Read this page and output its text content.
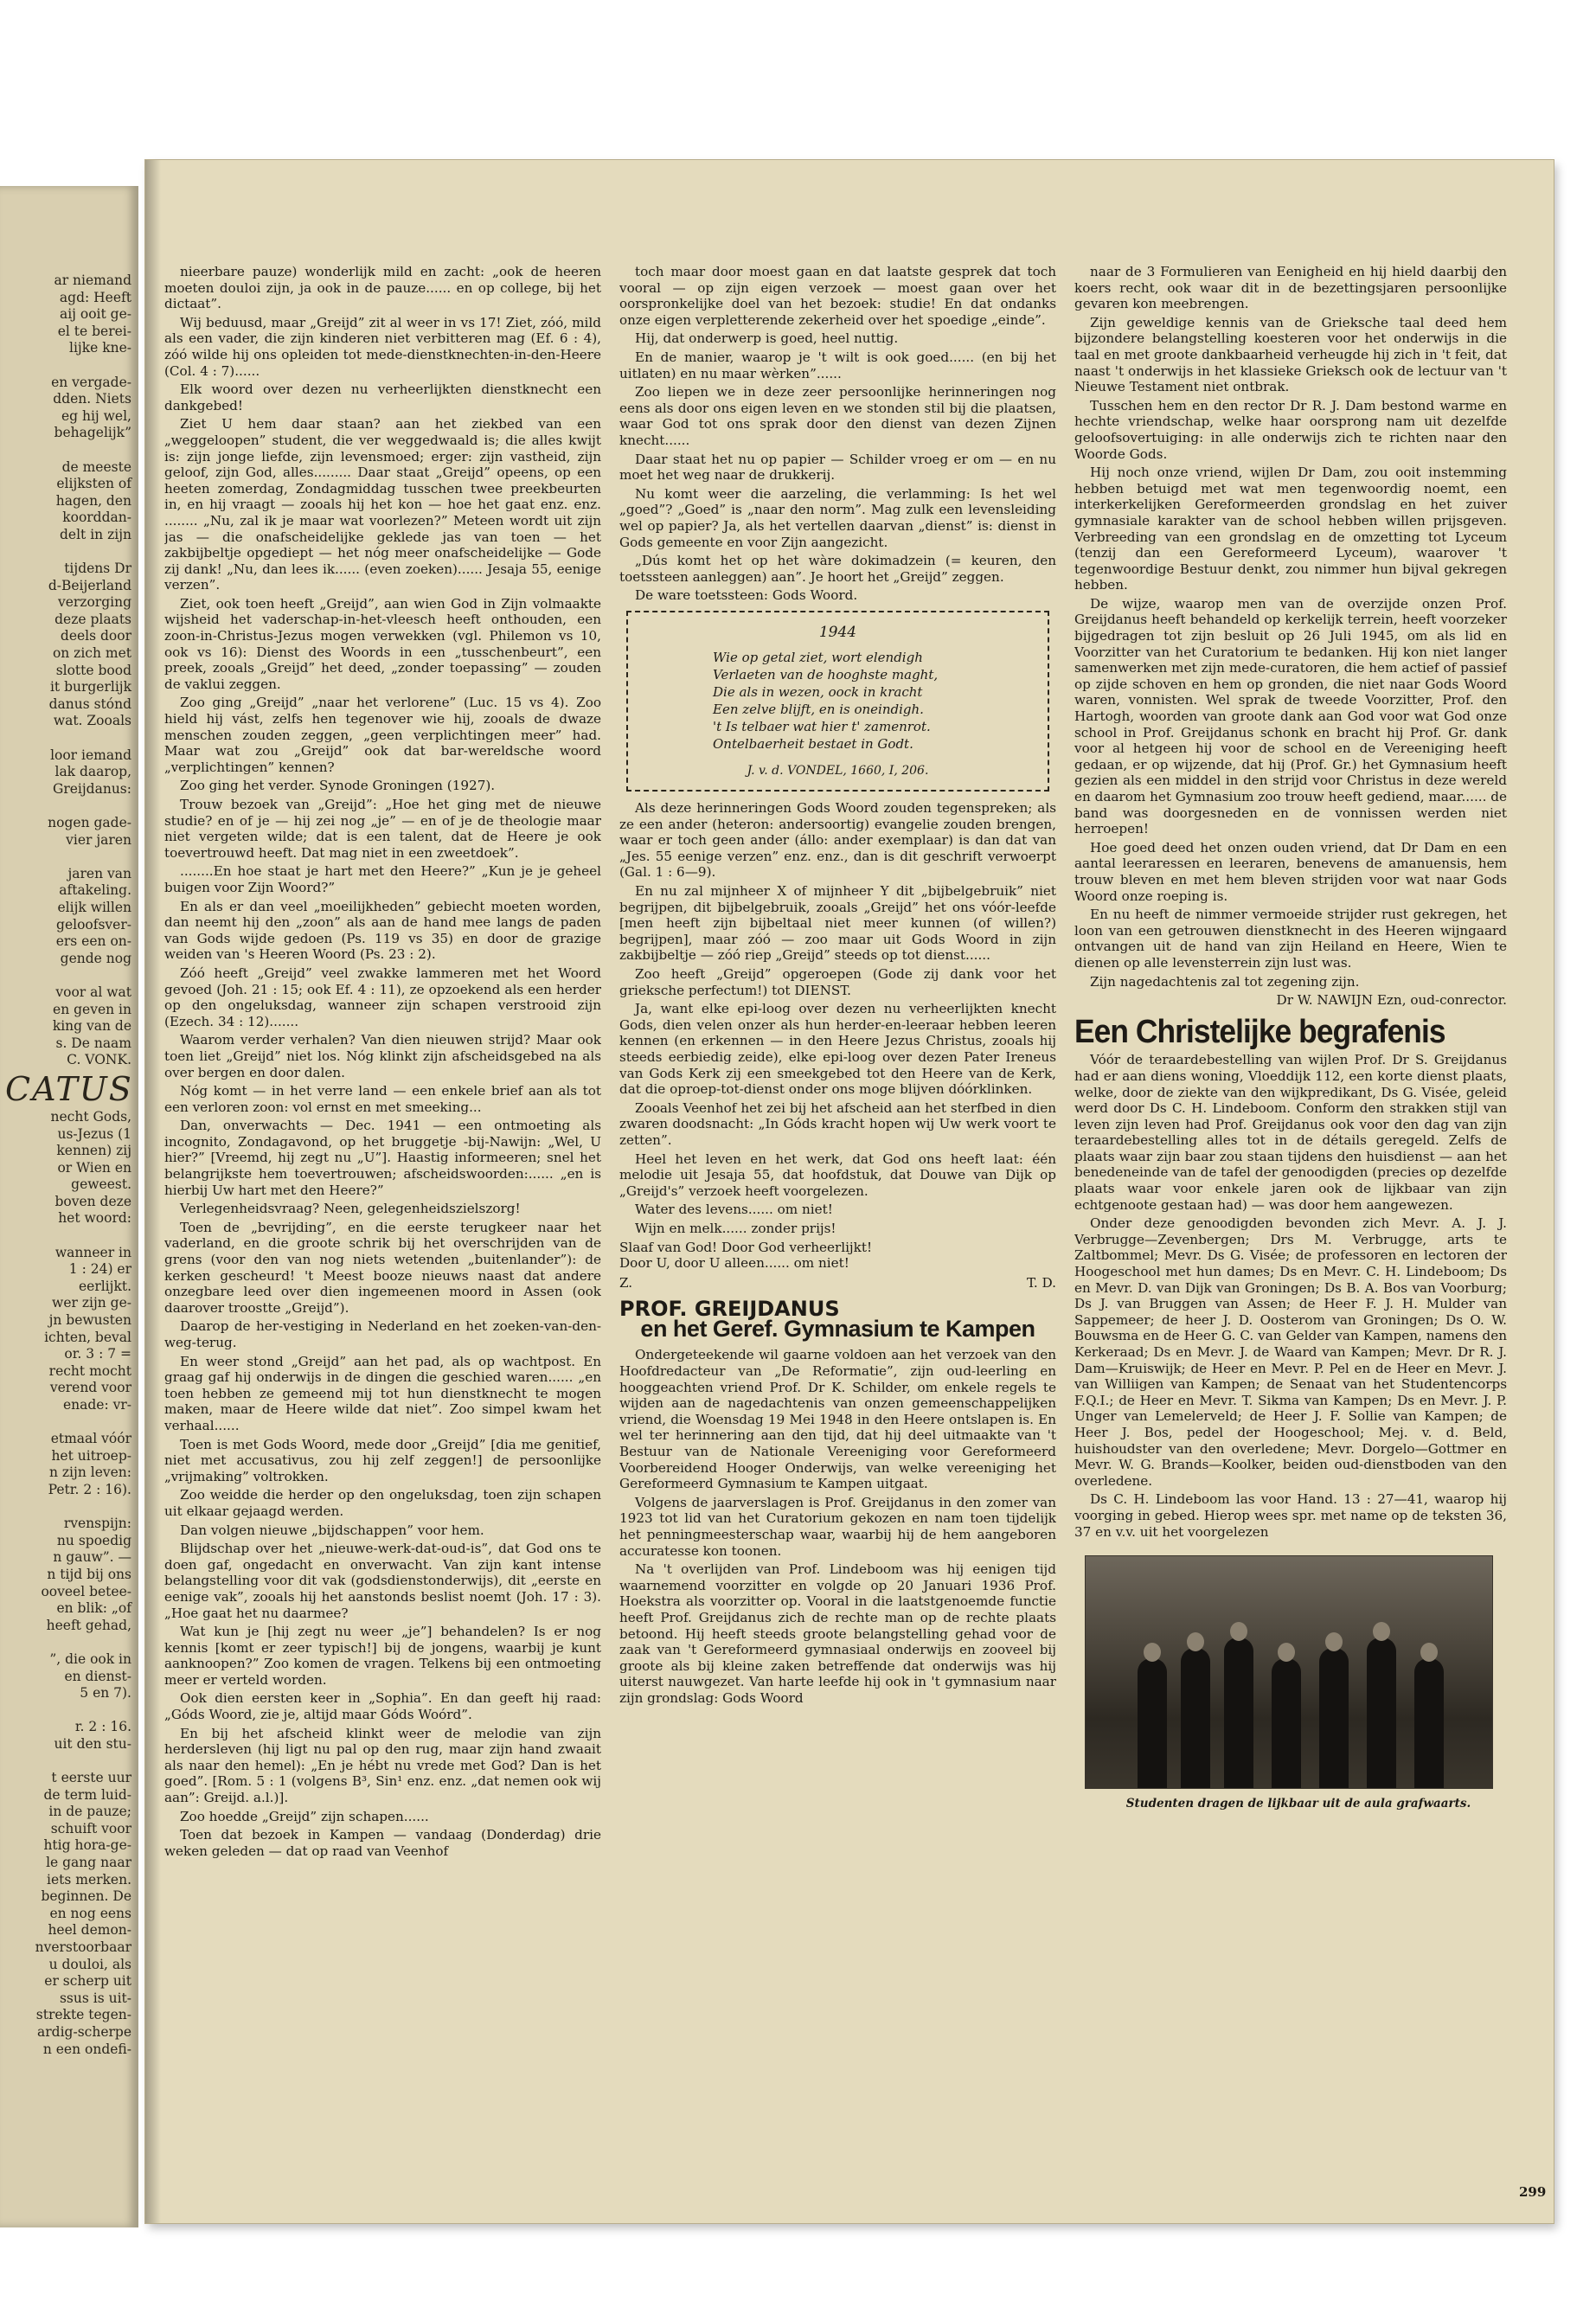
ar niemand
agd: Heeft
aij ooit ge-
el te berei-
lijke kne-

en vergade-
dden. Niets
eg hij wel,
behagelijk”

de meeste
elijksten of
hagen, den
koorddan-
delt in zijn

tijdens Dr
d-Beijerland
verzorging
deze plaats
deels door
on zich met
slotte bood
it burgerlijk
danus stónd
wat. Zooals

loor iemand
lak daarop,
Greijdanus:

nogen gade-
vier jaren

jaren van
aftakeling.
elijk willen
geloofsver-
ers een on-
gende nog

voor al wat
en geven in
king van de
s. De naam
C. VONK.
CATUS
necht Gods,
us-Jezus (1
kennen) zij
or Wien en
geweest.
boven deze
het woord:

wanneer in
1 : 24) er
eerlijkt.
wer zijn ge-
jn bewusten
ichten, beval
or. 3 : 7 =
recht mocht
verend voor
enade: vr-

etmaal vóór
het uitroep-
n zijn leven:
Petr. 2 : 16).

rvenspijn:
nu spoedig
n gauw”. —
n tijd bij ons
ooveel betee-
en blik: „of
heeft gehad,

”, die ook in
en dienst-
5 en 7).

r. 2 : 16.
uit den stu-

t eerste uur
de term luid-
in de pauze;
schuift voor
htig hora-ge-
le gang naar
iets merken.
beginnen. De
en nog eens
heel demon-
nverstoorbaar
u douloi, als
er scherp uit
ssus is uit-
strekte tegen-
ardig-scherpe
n een ondefi-

nieerbare pauze) wonderlijk mild en zacht: „ook de heeren moeten douloi zijn, ja ook in de pauze...... en op college, bij het dictaat”.

Wij beduusd, maar „Greijd” zit al weer in vs 17! Ziet, zóó, mild als een vader, die zijn kinderen niet verbitteren mag (Ef. 6 : 4), zóó wilde hij ons opleiden tot mede-dienstknechten-in-den-Heere (Col. 4 : 7)......

Elk woord over dezen nu verheerlijkten dienstknecht een dankgebed!

Ziet U hem daar staan? aan het ziekbed van een „weggeloopen” student, die ver weggedwaald is; die alles kwijt is: zijn jonge liefde, zijn levensmoed; erger: zijn vastheid, zijn geloof, zijn God, alles......... Daar staat „Greijd” opeens, op een heeten zomerdag, Zondagmiddag tusschen twee preekbeurten in, en hij vraagt — zooals hij het kon — hoe het gaat enz. enz. ........ „Nu, zal ik je maar wat voorlezen?” Meteen wordt uit zijn jas — die onafscheidelijke geklede jas van toen — het zakbijbeltje opgediept — het nóg meer onafscheidelijke — Gode zij dank! „Nu, dan lees ik...... (even zoeken)...... Jesaja 55, eenige verzen”.

Ziet, ook toen heeft „Greijd”, aan wien God in Zijn volmaakte wijsheid het vaderschap-in-het-vleesch heeft onthouden, een zoon-in-Christus-Jezus mogen verwekken (vgl. Philemon vs 10, ook vs 16): Dienst des Woords in een „tusschenbeurt”, een preek, zooals „Greijd” het deed, „zonder toepassing” — zouden de vaklui zeggen.

Zoo ging „Greijd” „naar het verlorene” (Luc. 15 vs 4). Zoo hield hij vást, zelfs hen tegenover wie hij, zooals de dwaze menschen zouden zeggen, „geen verplichtingen meer” had. Maar wat zou „Greijd” ook dat bar-wereldsche woord „verplichtingen” kennen?

Zoo ging het verder. Synode Groningen (1927).

Trouw bezoek van „Greijd”: „Hoe het ging met de nieuwe studie? en of je — hij zei nog „je” — en of je de theologie maar niet vergeten wilde; dat is een talent, dat de Heere je ook toevertrouwd heeft. Dat mag niet in een zweetdoek”.

........En hoe staat je hart met den Heere?” „Kun je je geheel buigen voor Zijn Woord?”

En als er dan veel „moeilijkheden” gebiecht moeten worden, dan neemt hij den „zoon” als aan de hand mee langs de paden van Gods wijde gedoen (Ps. 119 vs 35) en door de grazige weiden van 's Heeren Woord (Ps. 23 : 2).

Zóó heeft „Greijd” veel zwakke lammeren met het Woord gevoed (Joh. 21 : 15; ook Ef. 4 : 11), ze opzoekend als een herder op den ongeluksdag, wanneer zijn schapen verstrooid zijn (Ezech. 34 : 12).......

Waarom verder verhalen? Van dien nieuwen strijd? Maar ook toen liet „Greijd” niet los. Nóg klinkt zijn afscheidsgebed na als over bergen en door dalen.

Nóg komt — in het verre land — een enkele brief aan als tot een verloren zoon: vol ernst en met smeeking...

Dan, onverwachts — Dec. 1941 — een ontmoeting als incognito, Zondagavond, op het bruggetje -bij-Nawijn: „Wel, U hier?” [Vreemd, hij zegt nu „U”]. Haastig informeeren; snel het belangrijkste hem toevertrouwen; afscheidswoorden:...... „en is hierbij Uw hart met den Heere?”

Verlegenheidsvraag? Neen, gelegenheidszielszorg!

Toen de „bevrijding”, en die eerste terugkeer naar het vaderland, en die groote schrik bij het overschrijden van de grens (voor den van nog niets wetenden „buitenlander”): de kerken gescheurd! 't Meest booze nieuws naast dat andere onzegbare leed over dien ingemeenen moord in Assen (ook daarover troostte „Greijd”).

Daarop de her-vestiging in Nederland en het zoeken-van-den-weg-terug.

En weer stond „Greijd” aan het pad, als op wachtpost. En graag gaf hij onderwijs in de dingen die geschied waren...... „en toen hebben ze gemeend mij tot hun dienstknecht te mogen maken, maar de Heere wilde dat niet”. Zoo simpel kwam het verhaal......

Toen is met Gods Woord, mede door „Greijd” [dia me genitief, niet met accusativus, zou hij zelf zeggen!] de persoonlijke „vrijmaking” voltrokken.

Zoo weidde die herder op den ongeluksdag, toen zijn schapen uit elkaar gejaagd werden.

Dan volgen nieuwe „bijdschappen” voor hem.

Blijdschap over het „nieuwe-werk-dat-oud-is”, dat God ons te doen gaf, ongedacht en onverwacht. Van zijn kant intense belangstelling voor dit vak (godsdienstonderwijs), dit „eerste en eenige vak”, zooals hij het aanstonds beslist noemt (Joh. 17 : 3). „Hoe gaat het nu daarmee?

Wat kun je [hij zegt nu weer „je”] behandelen? Is er nog kennis [komt er zeer typisch!] bij de jongens, waarbij je kunt aanknoopen?” Zoo komen de vragen. Telkens bij een ontmoeting meer er verteld worden.

Ook dien eersten keer in „Sophia”. En dan geeft hij raad: „Góds Woord, zie je, altijd maar Góds Woórd”.

En bij het afscheid klinkt weer de melodie van zijn herdersleven (hij ligt nu pal op den rug, maar zijn hand zwaait als naar den hemel): „En je hébt nu vrede met God? Dan is het goed”. [Rom. 5 : 1 (volgens B³, Sin¹ enz. enz. „dat nemen ook wij aan”: Greijd. a.l.)].

Zoo hoedde „Greijd” zijn schapen......

Toen dat bezoek in Kampen — vandaag (Donderdag) drie weken geleden — dat op raad van Veenhof

toch maar door moest gaan en dat laatste gesprek dat toch vooral — op zijn eigen verzoek — moest gaan over het oorspronkelijke doel van het bezoek: studie! En dat ondanks onze eigen verpletterende zekerheid over het spoedige „einde”.

Hij, dat onderwerp is goed, heel nuttig.

En de manier, waarop je 't wilt is ook goed...... (en bij het uitlaten) en nu maar wèrken”......

Zoo liepen we in deze zeer persoonlijke herinneringen nog eens als door ons eigen leven en we stonden stil bij die plaatsen, waar God tot ons sprak door den dienst van dezen Zijnen knecht......

Daar staat het nu op papier — Schilder vroeg er om — en nu moet het weg naar de drukkerij.

Nu komt weer die aarzeling, die verlamming: Is het wel „goed”? „Goed” is „naar den norm”. Mag zulk een levensleiding wel op papier? Ja, als het vertellen daarvan „dienst” is: dienst in Gods gemeente en voor Zijn aangezicht.

„Dús komt het op het wàre dokimadzein (= keuren, den toetssteen aanleggen) aan”. Je hoort het „Greijd” zeggen.

De ware toetssteen: Gods Woord.

1944
Wie op getal ziet, wort elendigh
Verlaeten van de hooghste maght,
Die als in wezen, oock in kracht
Een zelve blijft, en is oneindigh.
't Is telbaer wat hier t' zamenrot.
Ontelbaerheit bestaet in Godt.
J. v. d. VONDEL, 1660, I, 206.

Als deze herinneringen Gods Woord zouden tegenspreken; als ze een ander (heteron: andersoortig) evangelie zouden brengen, waar er toch geen ander (állo: ander exemplaar) is dan dat van „Jes. 55 eenige verzen” enz. enz., dan is dit geschrift verwoerpt (Gal. 1 : 6—9).

En nu zal mijnheer X of mijnheer Y dit „bijbelgebruik” niet begrijpen, dit bijbelgebruik, zooals „Greijd” het ons vóór-leefde [men heeft zijn bijbeltaal niet meer kunnen (of willen?) begrijpen], maar zóó — zoo maar uit Gods Woord in zijn zakbijbeltje — zóó riep „Greijd” steeds op tot dienst......

Zoo heeft „Greijd” opgeroepen (Gode zij dank voor het grieksche perfectum!) tot DIENST.

Ja, want elke epi-loog over dezen nu verheerlijkten knecht Gods, dien velen onzer als hun herder-en-leeraar hebben leeren kennen (en erkennen — in den Heere Jezus Christus, zooals hij steeds eerbiedig zeide), elke epi-loog over dezen Pater Ireneus van Gods Kerk zij een smeekgebed tot den Heere van de Kerk, dat die oproep-tot-dienst onder ons moge blijven dóórklinken.

Zooals Veenhof het zei bij het afscheid aan het sterfbed in dien zwaren doodsnacht: „In Góds kracht hopen wij Uw werk voort te zetten”.

Heel het leven en het werk, dat God ons heeft laat: één melodie uit Jesaja 55, dat hoofdstuk, dat Douwe van Dijk op „Greijd's” verzoek heeft voorgelezen.

Water des levens...... om niet!

Wijn en melk...... zonder prijs!

Slaaf van God! Door God verheerlijkt!
Door U, door U alleen...... om niet!
Z.	T. D.
PROF. GREIJDANUS
en het Geref. Gymnasium te Kampen

Ondergeteekende wil gaarne voldoen aan het verzoek van den Hoofdredacteur van „De Reformatie”, zijn oud-leerling en hooggeachten vriend Prof. Dr K. Schilder, om enkele regels te wijden aan de nagedachtenis van onzen gemeenschappelijken vriend, die Woensdag 19 Mei 1948 in den Heere ontslapen is. En wel ter herinnering aan den tijd, dat hij deel uitmaakte van 't Bestuur van de Nationale Vereeniging voor Gereformeerd Voorbereidend Hooger Onderwijs, van welke vereeniging het Gereformeerd Gymnasium te Kampen uitgaat.

Volgens de jaarverslagen is Prof. Greijdanus in den zomer van 1923 tot lid van het Curatorium gekozen en nam toen tijdelijk het penningmeesterschap waar, waarbij hij de hem aangeboren accuratesse kon toonen.

Na 't overlijden van Prof. Lindeboom was hij eenigen tijd waarnemend voorzitter en volgde op 20 Januari 1936 Prof. Hoekstra als voorzitter op. Vooral in die laatstgenoemde functie heeft Prof. Greijdanus zich de rechte man op de rechte plaats betoond. Hij heeft steeds groote belangstelling gehad voor de zaak van 't Gereformeerd gymnasiaal onderwijs en zooveel bij groote als bij kleine zaken betreffende dat onderwijs was hij uiterst nauwgezet. Van harte leefde hij ook in 't gymnasium naar zijn grondslag: Gods Woord

naar de 3 Formulieren van Eenigheid en hij hield daarbij den koers recht, ook waar dit in de bezettingsjaren persoonlijke gevaren kon meebrengen.

Zijn geweldige kennis van de Grieksche taal deed hem bijzondere belangstelling koesteren voor het onderwijs in die taal en met groote dankbaarheid verheugde hij zich in 't feit, dat naast 't onderwijs in het klassieke Grieksch ook de lectuur van 't Nieuwe Testament niet ontbrak.

Tusschen hem en den rector Dr R. J. Dam bestond warme en hechte vriendschap, welke haar oorsprong nam uit dezelfde geloofsovertuiging: in alle onderwijs zich te richten naar den Woorde Gods.

Hij noch onze vriend, wijlen Dr Dam, zou ooit instemming hebben betuigd met wat men tegenwoordig noemt, een interkerkelijken Gereformeerden grondslag en het zuiver gymnasiale karakter van de school hebben willen prijsgeven. Verbreeding van een grondslag en de omzetting tot Lyceum (tenzij dan een Gereformeerd Lyceum), waarover 't tegenwoordige Bestuur denkt, zou nimmer hun bijval gekregen hebben.

De wijze, waarop men van de overzijde onzen Prof. Greijdanus heeft behandeld op kerkelijk terrein, heeft voorzeker bijgedragen tot zijn besluit op 26 Juli 1945, om als lid en Voorzitter van het Curatorium te bedanken. Hij kon niet langer samenwerken met zijn mede-curatoren, die hem actief of passief op zijde schoven en hem op gronden, die niet naar Gods Woord waren, vonnisten. Wel sprak de tweede Voorzitter, Prof. den Hartogh, woorden van groote dank aan God voor wat God onze school in Prof. Greijdanus schonk en bracht hij Prof. Gr. dank voor al hetgeen hij voor de school en de Vereeniging heeft gedaan, er op wijzende, dat hij (Prof. Gr.) het Gymnasium heeft gezien als een middel in den strijd voor Christus in deze wereld en daarom het Gymnasium zoo trouw heeft gediend, maar...... de band was doorgesneden en de vonnissen werden niet herroepen!

Hoe goed deed het onzen ouden vriend, dat Dr Dam en een aantal leeraressen en leeraren, benevens de amanuensis, hem trouw bleven en met hem bleven strijden voor wat naar Gods Woord onze roeping is.

En nu heeft de nimmer vermoeide strijder rust gekregen, het loon van een getrouwen dienstknecht in des Heeren wijngaard ontvangen uit de hand van zijn Heiland en Heere, Wien te dienen op alle levensterrein zijn lust was.

Zijn nagedachtenis zal tot zegening zijn.

Dr W. NAWIJN Ezn, oud-conrector.

Een Christelijke begrafenis

Vóór de teraardebestelling van wijlen Prof. Dr S. Greijdanus had er aan diens woning, Vloeddijk 112, een korte dienst plaats, welke, door de ziekte van den wijkpredikant, Ds G. Visée, geleid werd door Ds C. H. Lindeboom. Conform den strakken stijl van leven zijn leven had Prof. Greijdanus ook voor den dag van zijn teraardebestelling alles tot in de détails geregeld. Zelfs de plaats waar zijn baar zou staan tijdens den huisdienst — aan het benedeneinde van de tafel der genoodigden (precies op dezelfde plaats waar voor enkele jaren ook de lijkbaar van zijn echtgenoote gestaan had) — was door hem aangewezen.

Onder deze genoodigden bevonden zich Mevr. A. J. J. Verbrugge—Zevenbergen; Drs M. Verbrugge, arts te Zaltbommel; Mevr. Ds G. Visée; de professoren en lectoren der Hoogeschool met hun dames; Ds en Mevr. C. H. Lindeboom; Ds en Mevr. D. van Dijk van Groningen; Ds B. A. Bos van Voorburg; Ds J. van Bruggen van Assen; de Heer F. J. H. Mulder van Sappemeer; de heer J. D. Oosterom van Groningen; Ds O. W. Bouwsma en de Heer G. C. van Gelder van Kampen, namens den Kerkeraad; Ds en Mevr. J. de Waard van Kampen; Mevr. Dr R. J. Dam—Kruiswijk; de Heer en Mevr. P. Pel en de Heer en Mevr. J. van Williigen van Kampen; de Senaat van het Studentencorps F.Q.I.; de Heer en Mevr. T. Sikma van Kampen; Ds en Mevr. J. P. Unger van Lemelerveld; de Heer J. F. Sollie van Kampen; de Heer J. Bos, pedel der Hoogeschool; Mej. v. d. Beld, huishoudster van den overledene; Mevr. Dorgelo—Gottmer en Mevr. W. G. Brands—Koolker, beiden oud-dienstboden van den overledene.

Ds C. H. Lindeboom las voor Hand. 13 : 27—41, waarop hij voorging in gebed. Hierop wees spr. met name op de teksten 36, 37 en v.v. uit het voorgelezen

Studenten dragen de lijkbaar uit de aula grafwaarts.

299
